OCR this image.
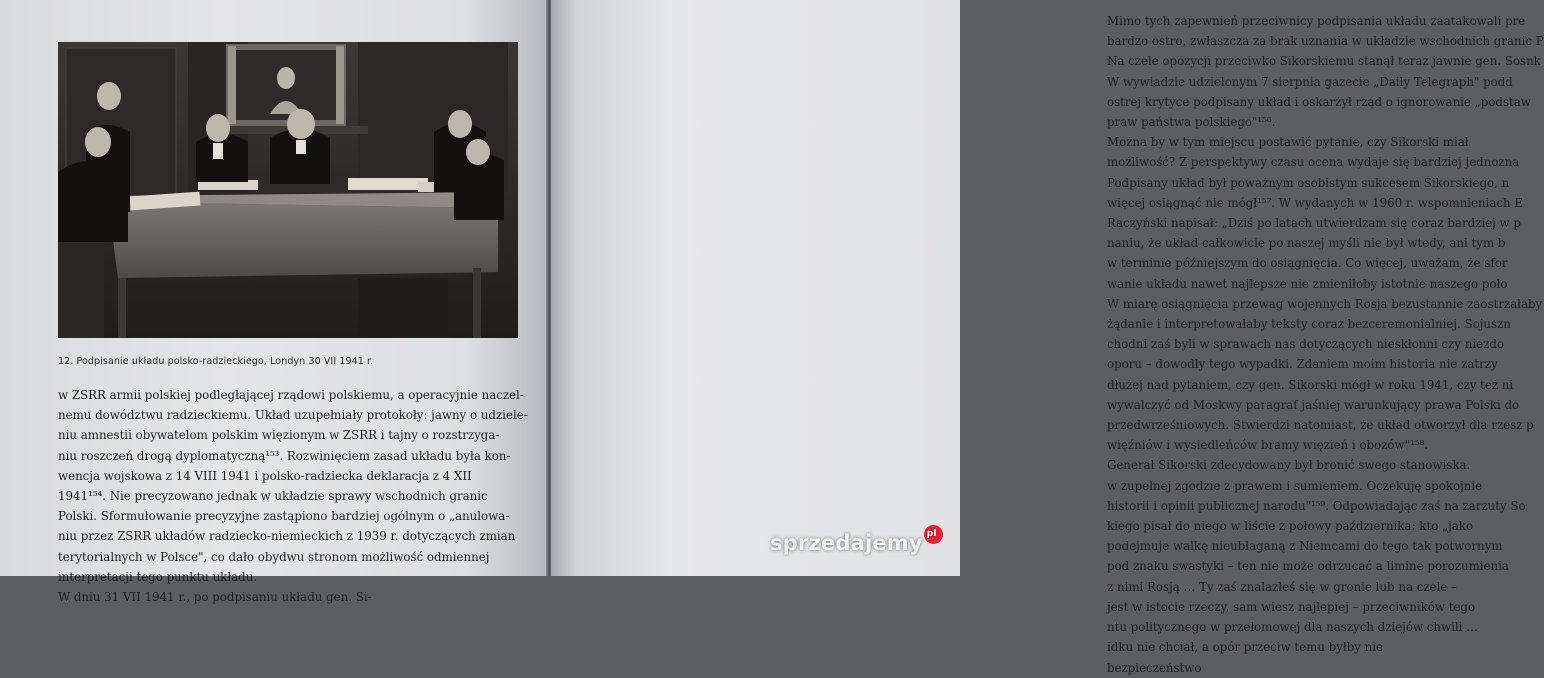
12. Podpisanie układu polsko-radzieckiego, Londyn 30 VII 1941 r.
w ZSRR armii polskiej podległającej rządowi polskiemu, a operacyjnie naczel-
nemu dowództwu radzieckiemu. Układ uzupełniały protokoły: jawny o udziele-
niu amnestii obywatelom polskim więzionym w ZSRR i tajny o rozstrzyga-
niu roszczeń drogą dyplomatyczną¹⁵³. Rozwinięciem zasad układu była kon-
wencja wojskowa z 14 VIII 1941 i polsko-radziecka deklaracja z 4 XII
1941¹⁵⁴. Nie precyzowano jednak w układzie sprawy wschodnich granic
Polski. Sformułowanie precyzyjne zastąpiono bardziej ogólnym o „anulowa-
niu przez ZSRR układów radziecko-niemieckich z 1939 r. dotyczących zmian
terytorialnych w Polsce", co dało obydwu stronom możliwość odmiennej
interpretacji tego punktu układu.
W dniu 31 VII 1941 r., po podpisaniu układu gen. Si-
Mimo tych zapewnień przeciwnicy podpisania układu zaatakowali pre
bardzo ostro, zwłaszcza za brak uznania w układzie wschodnich granic P
Na czele opozycji przeciwko Sikorskiemu stanął teraz jawnie gen. Sosnk
W wywiadzie udzielonym 7 sierpnia gazecie „Daily Telegraph" podd
ostrej krytyce podpisany układ i oskarżył rząd o ignorowanie „podstaw
praw państwa polskiego"¹⁵⁶.
Można by w tym miejscu postawić pytanie, czy Sikorski miał
możliwość? Z perspektywy czasu ocena wydaje się bardziej jednozna
Podpisany układ był poważnym osobistym sukcesem Sikorskiego, n
więcej osiągnąć nie mógł¹⁵⁷. W wydanych w 1960 r. wspomnieniach E
Raczyński napisał: „Dziś po latach utwierdzam się coraz bardziej w p
naniu, że układ całkowicie po naszej myśli nie był wtedy, ani tym b
w terminie późniejszym do osiągnięcia. Co więcej, uważam, że sfor
wanie układu nawet najlepsze nie zmieniłoby istotnie naszego poło
W miarę osiągnięcia przewag wojennych Rosja bezustannie zaostrzałaby
żądanie i interpretowałaby teksty coraz bezceremonialniej. Sojuszn
chodni zaś byli w sprawach nas dotyczących nieskłonni czy niezdo
oporu – dowodły tego wypadki. Zdaniem moim historia nie zatrzy
dłużej nad pytaniem, czy gen. Sikorski mógł w roku 1941, czy też ni
wywalczyć od Moskwy paragraf jaśniej warunkujący prawa Polski do
przedwrześniowych. Stwierdzi natomiast, że układ otworzył dla rzesz p
więźniów i wysiedleńców bramy więzień i obozów"¹⁵⁸.
Generał Sikorski zdecydowany był bronić swego stanowiska.
w zupełnej zgodzie z prawem i sumieniem. Oczekuję spokojnie
historii i opinii publicznej narodu"¹⁵⁹. Odpowiadając zaś na zarzuty So
kiego pisał do niego w liście z połowy października: kto „jako
podejmuje walkę nieubłaganą z Niemcami do tego tak potwornym
pod znaku swastyki – ten nie może odrzucać a limine porozumienia
z nimi Rosją … Ty zaś znalazłeś się w gronie lub na czele –
jest w istocie rzeczy, sam wiesz najlepiej – przeciwników tego
ntu politycznego w przełomowej dla naszych dziejów chwili …
idku nie chciał, a opór przeciw temu byłby nie
bezpieczeństwo
sprzedajemypl
